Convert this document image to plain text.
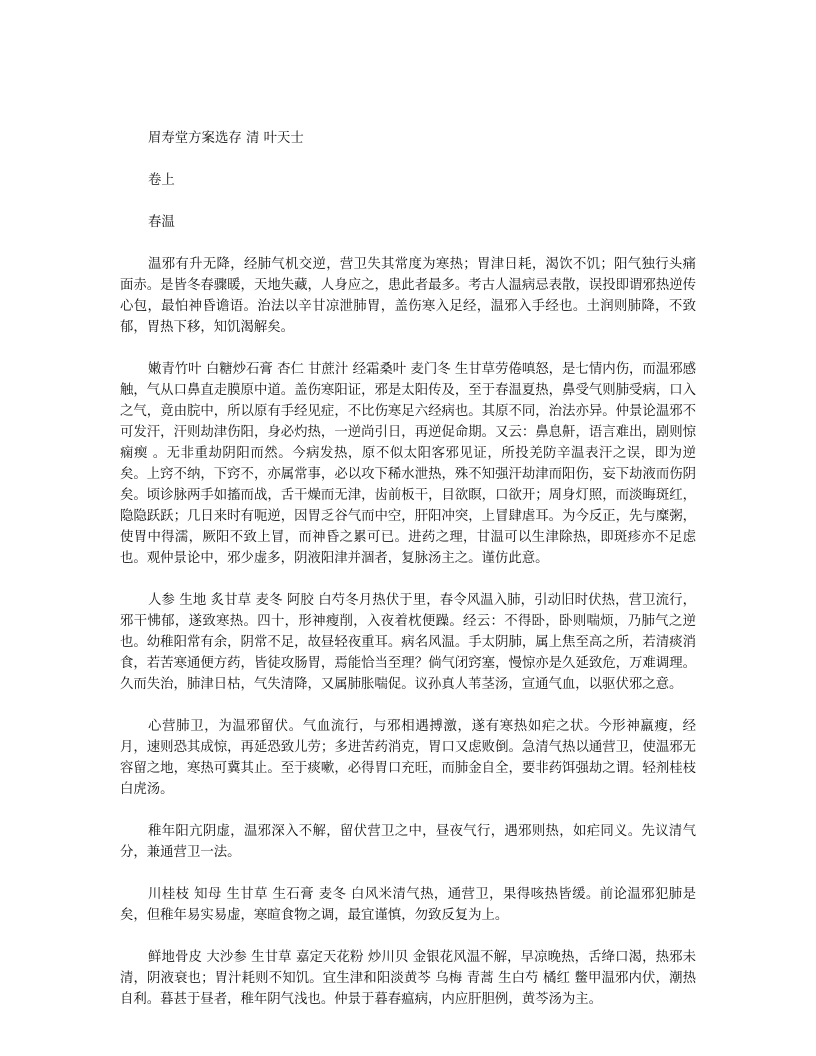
眉寿堂方案选存 清 叶天士

卷上

春温

温邪有升无降，经肺气机交逆，营卫失其常度为寒热；胃津日耗，渴饮不饥；阳气独行头痛面赤。是皆冬春骤暖，天地失藏，人身应之，患此者最多。考古人温病忌表散，误投即谓邪热逆传心包，最怕神昏谵语。治法以辛甘凉泄肺胃，盖伤寒入足经，温邪入手经也。土润则肺降，不致 郁，胃热下移，知饥渴解矣。

嫩青竹叶 白糖炒石膏 杏仁 甘蔗汁 经霜桑叶 麦门冬 生甘草劳倦嗔怒，是七情内伤，而温邪感触，气从口鼻直走膜原中道。盖伤寒阳证，邪是太阳传及，至于春温夏热，鼻受气则肺受病，口入之气，竟由脘中，所以原有手经见症，不比伤寒足六经病也。其原不同，治法亦异。仲景论温邪不可发汗，汗则劫津伤阳，身必灼热，一逆尚引日，再逆促命期。又云：鼻息鼾，语言难出，剧则惊痫瘈 。无非重劫阴阳而然。今病发热，原不似太阳客邪见证，所投羌防辛温表汗之误，即为逆矣。上窍不纳，下窍不，亦属常事，必以攻下稀水泄热，殊不知强汗劫津而阳伤，妄下劫液而伤阴矣。顷诊脉两手如搐而战，舌干燥而无津，齿前板干，目欲瞑，口欲开；周身灯照，而淡晦斑红，隐隐跃跃；几日来时有呃逆，因胃乏谷气而中空，肝阳冲突，上冒肆虐耳。为今反正，先与糜粥，使胃中得濡，厥阳不致上冒，而神昏之累可已。进药之理，甘温可以生津除热，即斑疹亦不足虑也。观仲景论中，邪少虚多，阴液阳津并涸者，复脉汤主之。谨仿此意。

人参 生地 炙甘草 麦冬 阿胶 白芍冬月热伏于里，春令风温入肺，引动旧时伏热，营卫流行，邪干怫郁，遂致寒热。四十，形神瘦削，入夜着枕便躁。经云：不得卧，卧则喘烦，乃肺气之逆也。幼稚阳常有余，阴常不足，故昼轻夜重耳。病名风温。手太阴肺，属上焦至高之所，若清痰消食，若苦寒通便方药，皆徒攻肠胃，焉能恰当至理？倘气闭窍塞，慢惊亦是久延致危，万难调理。久而失治，肺津日枯，气失清降，又属肺胀喘促。议孙真人苇茎汤，宣通气血，以驱伏邪之意。

心营肺卫，为温邪留伏。气血流行，与邪相遇搏激，遂有寒热如疟之状。今形神羸瘦，经月，速则恐其成惊，再延恐致儿劳；多进苦药消克，胃口又虑败倒。急清气热以通营卫，使温邪无容留之地，寒热可冀其止。至于痰嗽，必得胃口充旺，而肺金自全，要非药饵强劫之谓。轻剂桂枝白虎汤。

稚年阳亢阴虚，温邪深入不解，留伏营卫之中，昼夜气行，遇邪则热，如疟同义。先议清气分，兼通营卫一法。

川桂枝 知母 生甘草 生石膏 麦冬 白风米清气热，通营卫，果得咳热皆缓。前论温邪犯肺是矣，但稚年易实易虚，寒暄食物之调，最宜谨慎，勿致反复为上。

鲜地骨皮 大沙参 生甘草 嘉定天花粉 炒川贝 金银花风温不解，早凉晚热，舌绛口渴，热邪未清，阴液衰也；胃汁耗则不知饥。宜生津和阳淡黄芩 乌梅 青蒿 生白芍 橘红 鳖甲温邪内伏，潮热自利。暮甚于昼者，稚年阴气浅也。仲景于暮春瘟病，内应肝胆例，黄芩汤为主。
